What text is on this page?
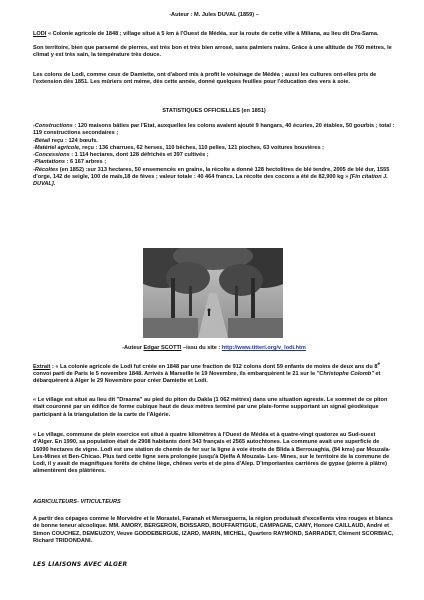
-Auteur : M. Jules DUVAL (1859) –

LODI « Colonie agricole de 1848 ; village situé à 5 km à l'Ouest de Médéa, sur la route de cette ville à Miliana, au lieu dit Dra-Sama.

Son territoire, bien que parsemé de pierres, est très bon et très bien arrosé, sans palmiers nains. Grâce à une altitude de 760 mètres, le climat y est très sain, la température très douce.

Les colons de Lodi, comme ceux de Damiette, ont d'abord mis à profit le voisinage de Médéa ; aussi les cultures ont-elles pris de l'extension dès 1851. Les mûriers ont méme, dès cette année, donné quelques feuilles pour l'éducation des vers à soie.

STATISTIQUES OFFICIELLES (en 1851)

-Constructions : 120 maisons bâties par l'Etat, auxquelles les colons avaient ajouté 9 hangars, 40 écuries, 20 étables, 50 gourbis ; total : 119 constructions secondaires ;
-Bétail reçu : 124 bœufs.
-Matériel agricole, reçu : 136 charrues, 62 herses, 110 bêches, 110 pelles, 121 pioches, 63 voitures bouvières ;
-Concessions : 1 114 hectares, dont 128 défrichés et 397 cultivés ;
-Plantations : 6 167 arbres ;
-Récoltes (en 1852) :sur 313 hectares, 50 ensemencés en grains, la récolte a donné 128 hectolitres de blé tendre, 2005 de blé dur, 1555 d'orge, 142 de seigle, 100 de maïs,18 de fèves ; valeur totale : 40 464 francs. La récolte des cocons a été de 82,900 kg » [Fin citation J. DUVAL].

-Auteur Edgar SCOTTI –issu du site : http://www.titteri.org/v_lodi.htm

Extrait : « La colonie agricole de Lodi fut créée en 1848 par une fraction de 912 colons dont 59 enfants de moins de deux ans du 8e convoi parti de Paris le 5 novembre 1848. Arrivés à Marseille le 19 Novembre, ils embarquèrent le 21 sur le "Christophe Colomb" et débarquèrent à Alger le 29 Novembre pour créer Damiette et Lodi.

« Le village est situé au lieu dit "Drasma" au pied du piton du Dakla (1 062 mètres) dans une situation agreste. Le sommet de ce piton était couronné par un édifice de forme cubique haut de deux mètres terminé par une plate-forme supportant un signal géodésique participant à la triangulation de la carte de l'Algérie.

« Le village, commune de plein exercice est situé à quatre kilomètres à l'Ouest de Médéa et à quatre-vingt quatorze au Sud-ouest d'Alger. En 1990, sa population était de 2908 habitants dont 343 français et 2565 autochtones. La commune avait une superficie de 16090 hectares de vigne. Lodi est une station de chemin de fer sur la ligne à voie étroite de Blida à Berrouaghia, (84 kms) par Mouzaïa- Les-Mines et Ben-Chicao. Plus tard cette ligne sera prolongée jusqu'à Djelfa A Mouzaïa- Les- Mines, sur le territoire de la commune de Lodi, il y avait de magnifiques forêts de chêne liège, chênes verts et de pins d'Alep. D'importantes carrières de gypse (pierre à plâtre) alimentèrent des plâtrières.

AGRICULTEURS- VITICULTEURS

A partir des cépages comme le Morvèdre et le Morastel, Faranah et Merseguerra, la région produisait d'excellents vins rouges et blancs de bonne teneur alcoolique. MM. AMORY, BERGERON, BOISSARD, BOUFFARTIGUE, CAMPAGNE, CAMY, Honoré CAILLAUD, André et Simon COUCHEZ, DEMEUZOY, Veuve GODDEBERGUE, IZARD, MARIN, MICHEL, Quartero RAYMOND, SARRADET, Clément SCORBIAC, Richard TRIDONDANI.

LES LIAISONS AVEC ALGER
